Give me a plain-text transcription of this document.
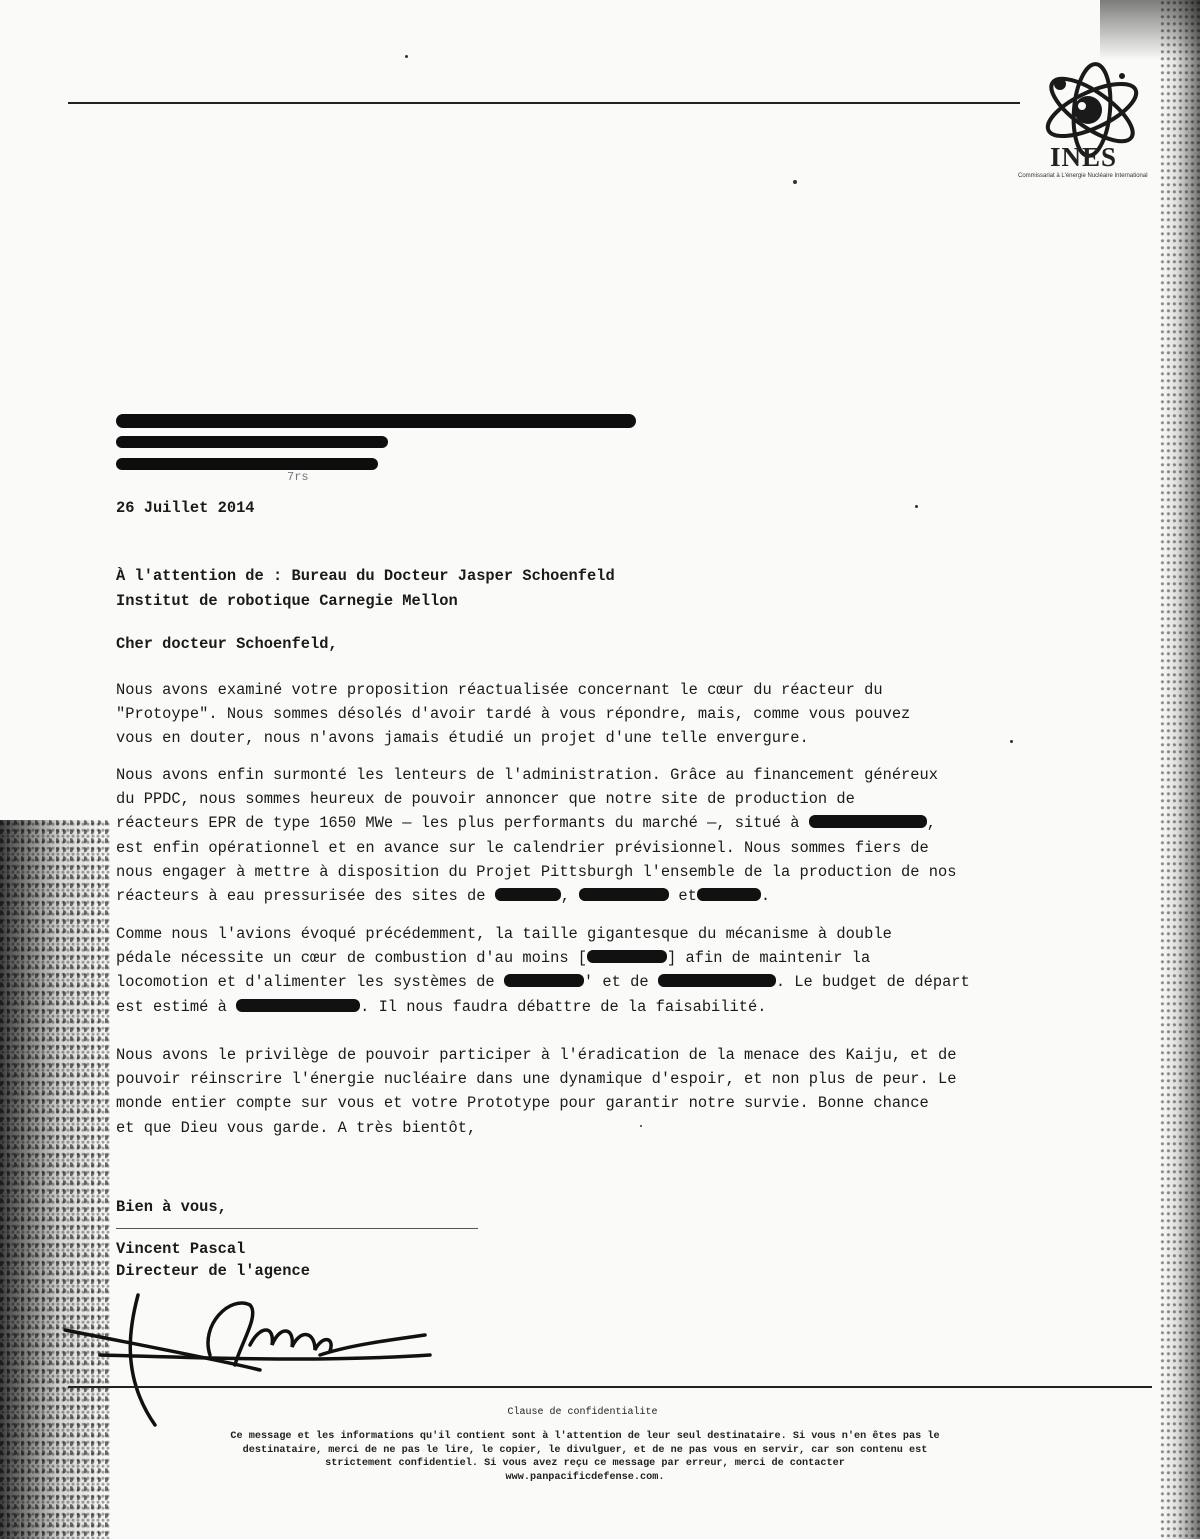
INES
Commissariat à L'énergie Nucléaire International
7rs
26 Juillet 2014
À l'attention de : Bureau du Docteur Jasper Schoenfeld
Institut de robotique Carnegie Mellon
Cher docteur Schoenfeld,
Nous avons examiné votre proposition réactualisée concernant le cœur du réacteur du
"Protoype". Nous sommes désolés d'avoir tardé à vous répondre, mais, comme vous pouvez
vous en douter, nous n'avons jamais étudié un projet d'une telle envergure.
Nous avons enfin surmonté les lenteurs de l'administration. Grâce au financement généreux
du PPDC, nous sommes heureux de pouvoir annoncer que notre site de production de
réacteurs EPR de type 1650 MWe — les plus performants du marché —, situé à	,
est enfin opérationnel et en avance sur le calendrier prévisionnel. Nous sommes fiers de
nous engager à mettre à disposition du Projet Pittsburgh l'ensemble de la production de nos
réacteurs à eau pressurisée des sites de	,	et	.
Comme nous l'avions évoqué précédemment, la taille gigantesque du mécanisme à double
pédale nécessite un cœur de combustion d'au moins [	] afin de maintenir la
locomotion et d'alimenter les systèmes de	' et de	. Le budget de départ
est estimé à	. Il nous faudra débattre de la faisabilité.
Nous avons le privilège de pouvoir participer à l'éradication de la menace des Kaiju, et de
pouvoir réinscrire l'énergie nucléaire dans une dynamique d'espoir, et non plus de peur. Le
monde entier compte sur vous et votre Prototype pour garantir notre survie. Bonne chance
et que Dieu vous garde. A très bientôt,
Bien à vous,
Vincent Pascal
Directeur de l'agence
Clause de confidentialite
Ce message et les informations qu'il contient sont à l'attention de leur seul destinataire. Si vous n'en êtes pas le
destinataire, merci de ne pas le lire, le copier, le divulguer, et de ne pas vous en servir, car son contenu est
strictement confidentiel. Si vous avez reçu ce message par erreur, merci de contacter
www.panpacificdefense.com.
